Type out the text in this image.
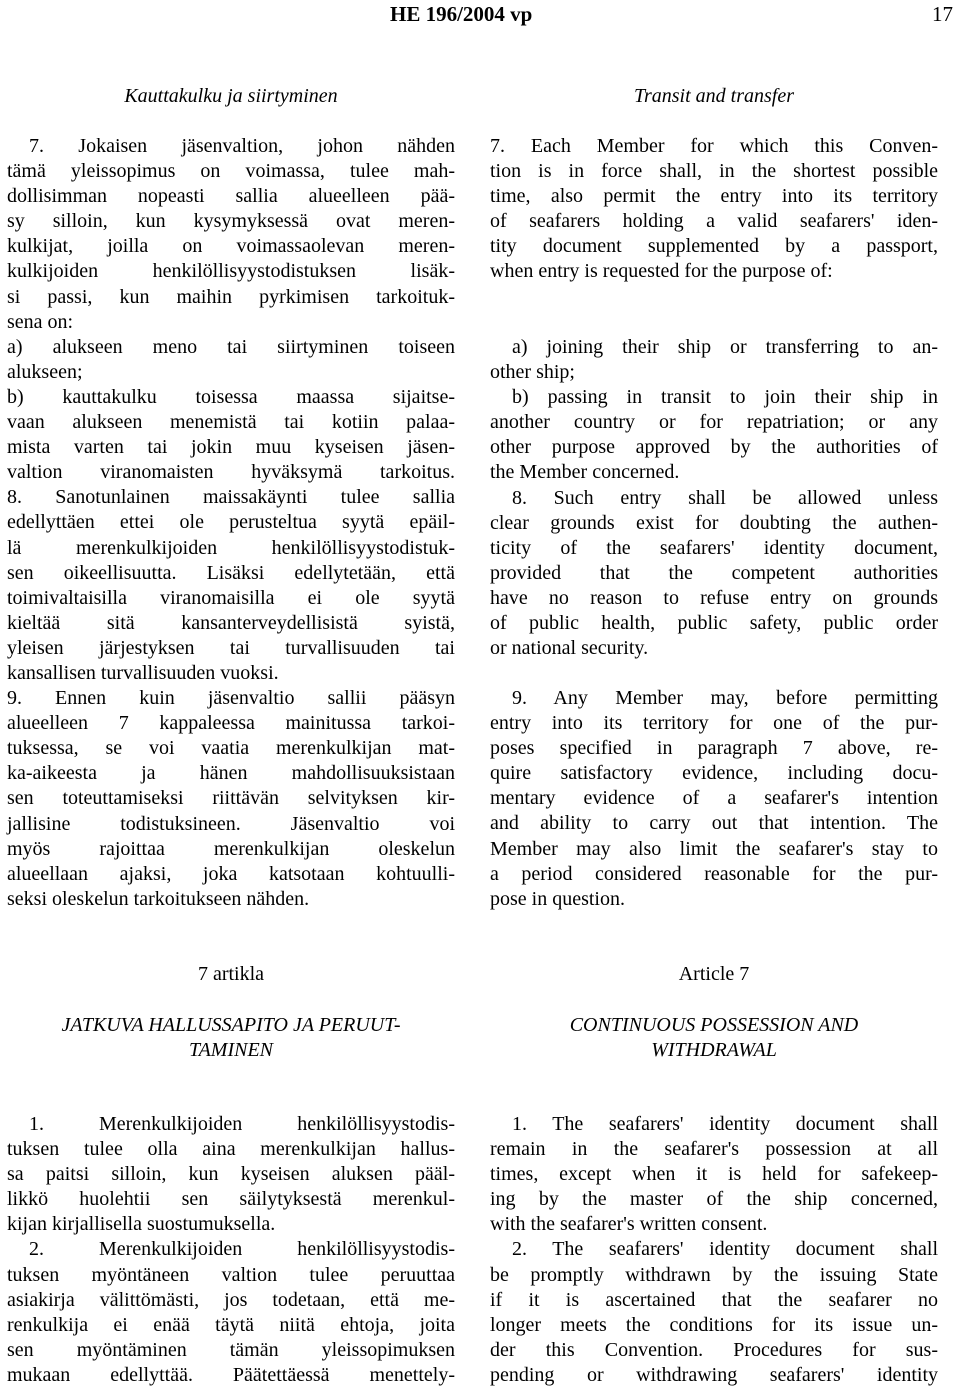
HE 196/2004 vp	17
Kauttakulku ja siirtyminen
7. Jokaisen jäsenvaltion, johon nähden
tämä yleissopimus on voimassa, tulee mah-
dollisimman nopeasti sallia alueelleen pää-
sy silloin, kun kysymyksessä ovat meren-
kulkijat, joilla on voimassaolevan meren-
kulkijoiden henkilöllisyystodistuksen lisäk-
si passi, kun maihin pyrkimisen tarkoituk-
sena on:
a) alukseen meno tai siirtyminen toiseen
alukseen;
b) kauttakulku toisessa maassa sijaitse-
vaan alukseen menemistä tai kotiin palaa-
mista varten tai jokin muu kyseisen jäsen-
valtion viranomaisten hyväksymä tarkoitus.
8. Sanotunlainen maissakäynti tulee sallia
edellyttäen ettei ole perusteltua syytä epäil-
lä merenkulkijoiden henkilöllisyystodistuk-
sen oikeellisuutta. Lisäksi edellytetään, että
toimivaltaisilla viranomaisilla ei ole syytä
kieltää sitä kansanterveydellisistä syistä,
yleisen järjestyksen tai turvallisuuden tai
kansallisen turvallisuuden vuoksi.
9. Ennen kuin jäsenvaltio sallii pääsyn
alueelleen 7 kappaleessa mainitussa tarkoi-
tuksessa, se voi vaatia merenkulkijan mat-
ka-aikeesta ja hänen mahdollisuuksistaan
sen toteuttamiseksi riittävän selvityksen kir-
jallisine todistuksineen. Jäsenvaltio voi
myös rajoittaa merenkulkijan oleskelun
alueellaan ajaksi, joka katsotaan kohtuulli-
seksi oleskelun tarkoitukseen nähden.
7 artikla
JATKUVA HALLUSSAPITO JA PERUUT-
TAMINEN
1. Merenkulkijoiden henkilöllisyystodis-
tuksen tulee olla aina merenkulkijan hallus-
sa paitsi silloin, kun kyseisen aluksen pääl-
likkö huolehtii sen säilytyksestä merenkul-
kijan kirjallisella suostumuksella.
2. Merenkulkijoiden henkilöllisyystodis-
tuksen myöntäneen valtion tulee peruuttaa
asiakirja välittömästi, jos todetaan, että me-
renkulkija ei enää täytä niitä ehtoja, joita
sen myöntäminen tämän yleissopimuksen
mukaan edellyttää. Päätettäessä menettely-
Transit and transfer
7. Each Member for which this Conven-
tion is in force shall, in the shortest possible
time, also permit the entry into its territory
of seafarers holding a valid seafarers' iden-
tity document supplemented by a passport,
when entry is requested for the purpose of:
a) joining their ship or transferring to an-
other ship;
b) passing in transit to join their ship in
another country or for repatriation; or any
other purpose approved by the authorities of
the Member concerned.
8. Such entry shall be allowed unless
clear grounds exist for doubting the authen-
ticity of the seafarers' identity document,
provided that the competent authorities
have no reason to refuse entry on grounds
of public health, public safety, public order
or national security.
9. Any Member may, before permitting
entry into its territory for one of the pur-
poses specified in paragraph 7 above, re-
quire satisfactory evidence, including docu-
mentary evidence of a seafarer's intention
and ability to carry out that intention. The
Member may also limit the seafarer's stay to
a period considered reasonable for the pur-
pose in question.
Article 7
CONTINUOUS POSSESSION AND
WITHDRAWAL
1. The seafarers' identity document shall
remain in the seafarer's possession at all
times, except when it is held for safekeep-
ing by the master of the ship concerned,
with the seafarer's written consent.
2. The seafarers' identity document shall
be promptly withdrawn by the issuing State
if it is ascertained that the seafarer no
longer meets the conditions for its issue un-
der this Convention. Procedures for sus-
pending or withdrawing seafarers' identity
